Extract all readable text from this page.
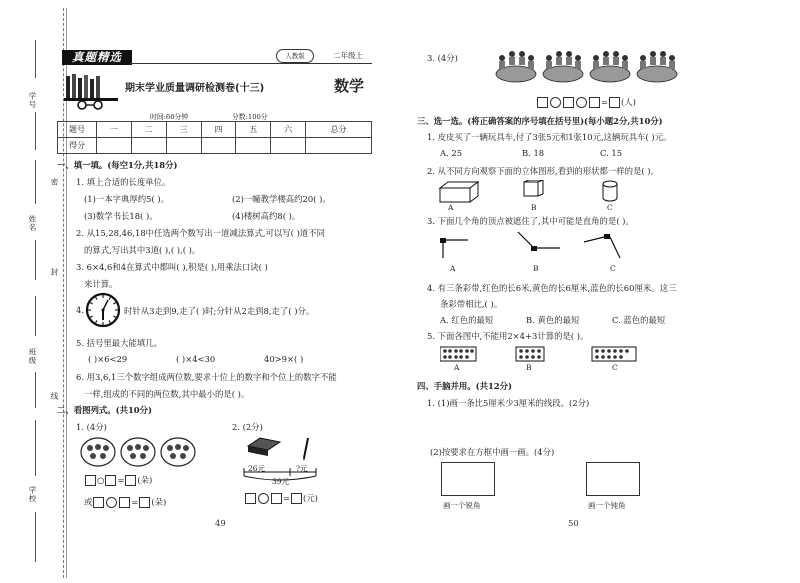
学号
姓名
班级
学校
密
封
线
真题精选	人教版	二年级上
期末学业质量调研检测卷(十三)	数学
时间:60分钟	分数:100分
题号	一	二	三	四	五	六	总分
得分							
一、填一填。(每空1分,共18分)
1. 填上合适的长度单位。
(1)一本字典厚约5( )。	(2)一幢教学楼高约20( )。
(3)数学书长18( )。	(4)楼树高约8( )。
2. 从15,28,46,18中任选两个数写出一道减法算式,可以写( )道不同
的算式,写出其中3道( ),( ),( )。
3. 6×4,6和4在算式中都叫( ),积是( ),用乘法口诀( )
来计算。
4.	时针从3走到9,走了( )时;分针从2走到8,走了( )分。
5. 括号里最大能填几。
( )×6<29	( )×4<30	40>9×( )
6. 用3,6,1三个数字组成两位数,要求十位上的数字和个位上的数字不能
一样,组成的不同的两位数,其中最小的是( )。
二、看图列式。(共10分)
1. (4分)
○ = (朵)
或	= (朵)
2. (2分)
26元	?元
39元
= (元)
49
3. (4分)
= (人)
三、选一选。(将正确答案的序号填在括号里)(每小题2分,共10分)
1. 皮皮买了一辆玩具车,付了3张5元和1张10元,这辆玩具车( )元。
A. 25	B. 18	C. 15
2. 从不同方向观察下面的立体图形,看到的形状都一样的是( )。
A	B	C
3. 下面几个角的顶点被遮住了,其中可能是直角的是( )。
A	B	C
4. 有三条彩带,红色的长6米,黄色的长6厘米,蓝色的长60厘米。这三
条彩带相比,( )。
A. 红色的最短	B. 黄色的最短	C. 蓝色的最短
5. 下面各图中,不能用2×4+3计算的是( )。
A	B	C
四、手脑并用。(共12分)
1. (1)画一条比5厘米少3厘米的线段。(2分)
(2)按要求在方框中画一画。(4分)
画一个锐角	画一个钝角
50
